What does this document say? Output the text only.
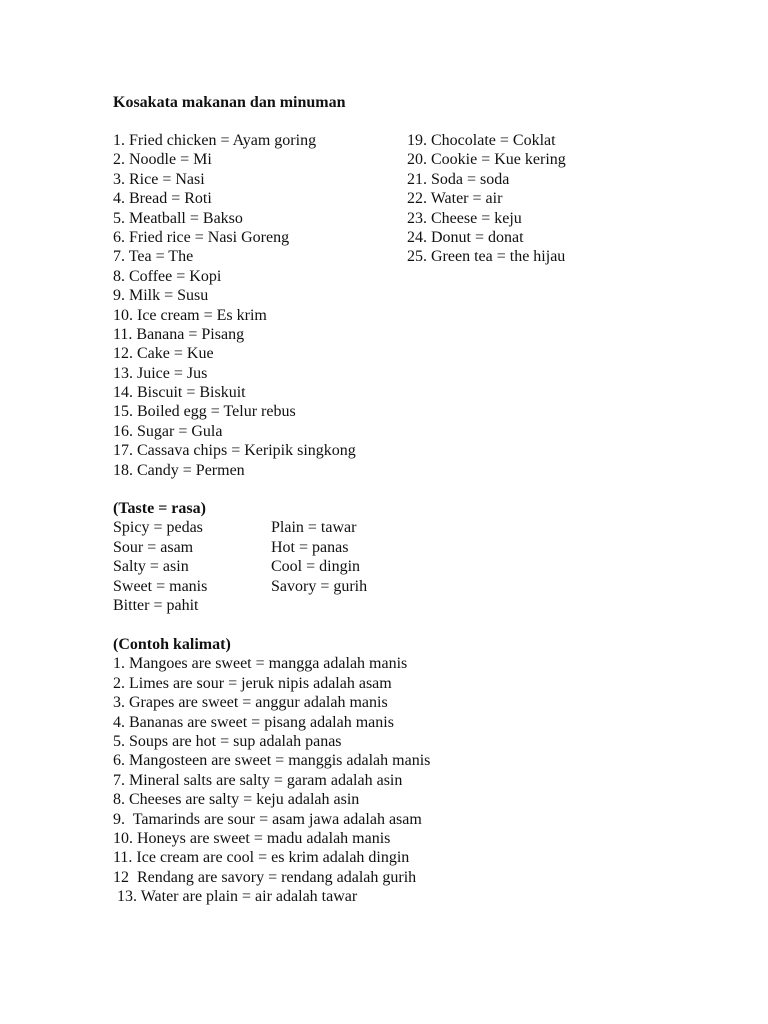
Kosakata makanan dan minuman
1. Fried chicken = Ayam goring
2. Noodle = Mi
3. Rice = Nasi
4. Bread = Roti
5. Meatball = Bakso
6. Fried rice = Nasi Goreng
7. Tea = The
8. Coffee = Kopi
9. Milk = Susu
10. Ice cream = Es krim
11. Banana = Pisang
12. Cake = Kue
13. Juice = Jus
14. Biscuit = Biskuit
15. Boiled egg = Telur rebus
16. Sugar = Gula
17. Cassava chips = Keripik singkong
18. Candy = Permen
19. Chocolate = Coklat
20. Cookie = Kue kering
21. Soda = soda
22. Water = air
23. Cheese = keju
24. Donut = donat
25. Green tea = the hijau
(Taste = rasa)
Spicy = pedas	Plain = tawar
Sour = asam	Hot = panas
Salty = asin	Cool = dingin
Sweet = manis	Savory = gurih
Bitter = pahit
(Contoh kalimat)
1. Mangoes are sweet = mangga adalah manis
2. Limes are sour = jeruk nipis adalah asam
3. Grapes are sweet = anggur adalah manis
4. Bananas are sweet = pisang adalah manis
5. Soups are hot = sup adalah panas
6. Mangosteen are sweet = manggis adalah manis
7. Mineral salts are salty = garam adalah asin
8. Cheeses are salty = keju adalah asin
9.  Tamarinds are sour = asam jawa adalah asam
10. Honeys are sweet = madu adalah manis
11. Ice cream are cool = es krim adalah dingin
12  Rendang are savory = rendang adalah gurih
13. Water are plain = air adalah tawar
